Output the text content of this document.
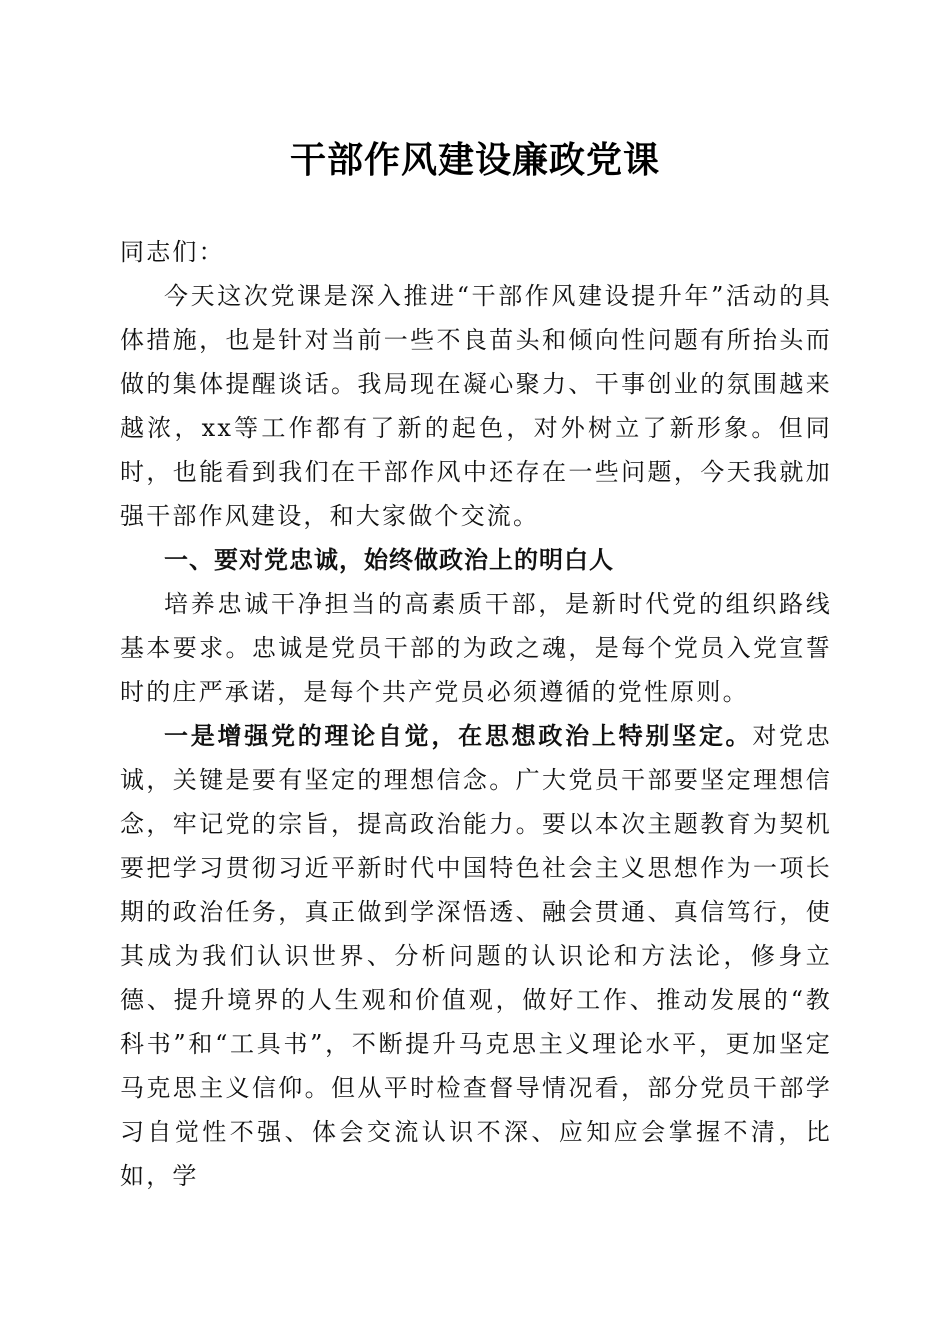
干部作风建设廉政党课

同志们：

今天这次党课是深入推进“干部作风建设提升年”活动的具体措施，也是针对当前一些不良苗头和倾向性问题有所抬头而做的集体提醒谈话。我局现在凝心聚力、干事创业的氛围越来越浓，xx等工作都有了新的起色，对外树立了新形象。但同时，也能看到我们在干部作风中还存在一些问题，今天我就加强干部作风建设，和大家做个交流。

一、要对党忠诚，始终做政治上的明白人

培养忠诚干净担当的高素质干部，是新时代党的组织路线基本要求。忠诚是党员干部的为政之魂，是每个党员入党宣誓时的庄严承诺，是每个共产党员必须遵循的党性原则。

一是增强党的理论自觉，在思想政治上特别坚定。对党忠诚，关键是要有坚定的理想信念。广大党员干部要坚定理想信念，牢记党的宗旨，提高政治能力。要以本次主题教育为契机要把学习贯彻习近平新时代中国特色社会主义思想作为一项长期的政治任务，真正做到学深悟透、融会贯通、真信笃行，使其成为我们认识世界、分析问题的认识论和方法论，修身立德、提升境界的人生观和价值观，做好工作、推动发展的“教科书”和“工具书”，不断提升马克思主义理论水平，更加坚定马克思主义信仰。但从平时检查督导情况看，部分党员干部学习自觉性不强、体会交流认识不深、应知应会掌握不清，比如，学
